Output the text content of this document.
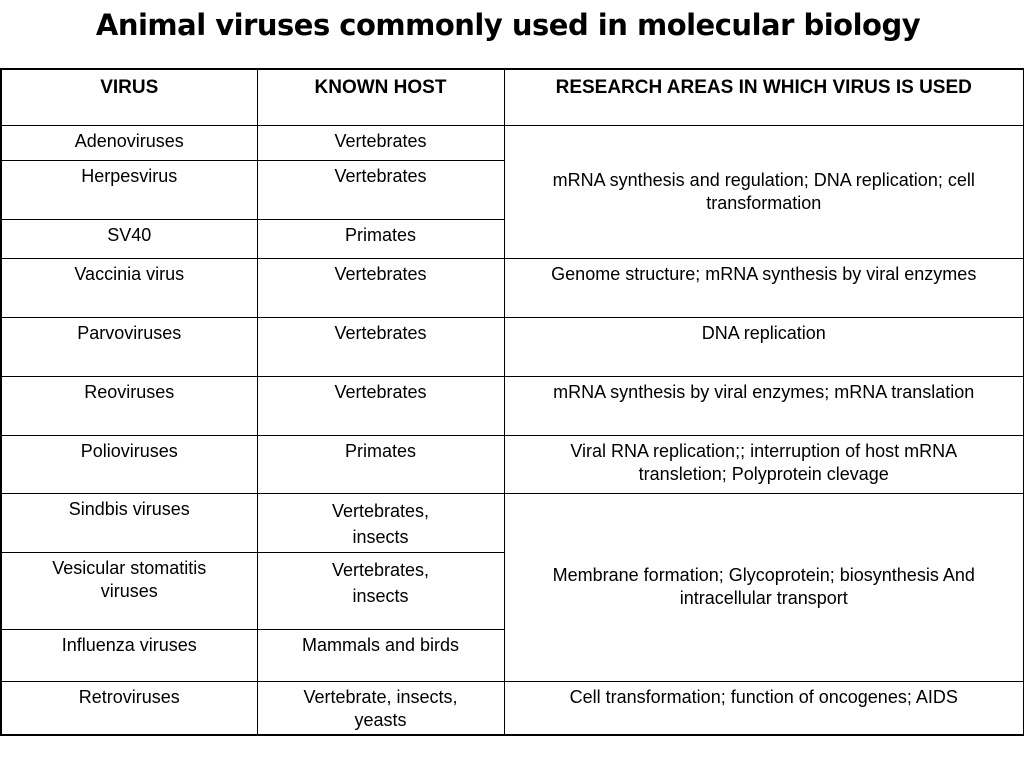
Animal viruses commonly used in molecular biology
VIRUS	KNOWN HOST	RESEARCH AREAS IN WHICH VIRUS IS USED
Adenoviruses	Vertebrates	mRNA synthesis and regulation; DNA replication; cell transformation
Herpesvirus	Vertebrates	
SV40	Primates	
Vaccinia virus	Vertebrates	Genome structure; mRNA synthesis by viral enzymes
Parvoviruses	Vertebrates	DNA replication
Reoviruses	Vertebrates	mRNA synthesis by viral enzymes; mRNA translation
Polioviruses	Primates	Viral RNA replication;; interruption of host mRNA transletion; Polyprotein clevage
Sindbis viruses	Vertebrates, insects	Membrane formation; Glycoprotein; biosynthesis And intracellular transport
Vesicular stomatitis viruses	Vertebrates, insects	
Influenza viruses	Mammals and birds	
Retroviruses	Vertebrate, insects, yeasts	Cell transformation; function of oncogenes; AIDS
